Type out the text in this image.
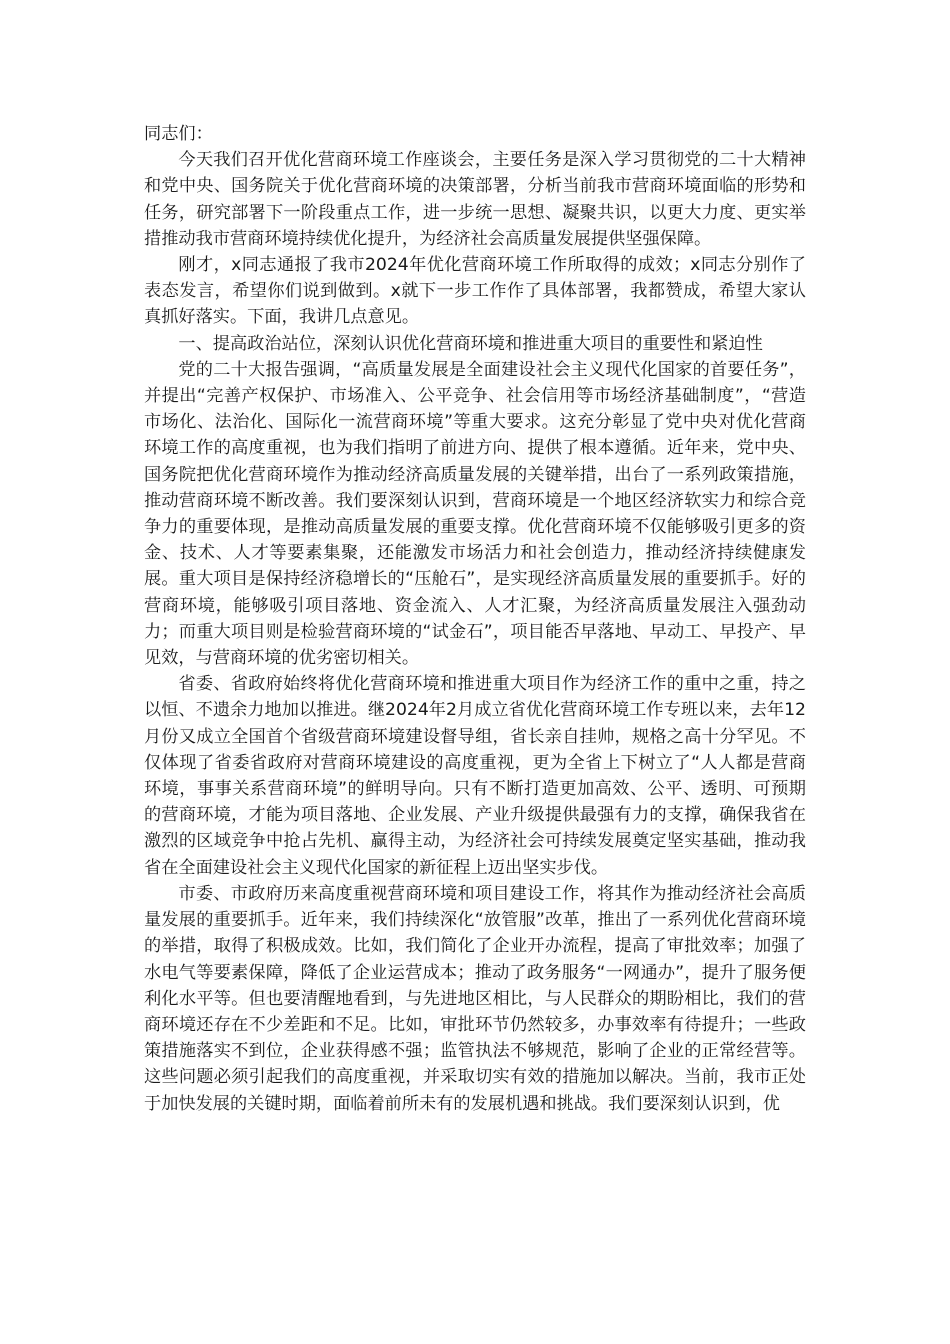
同志们：

今天我们召开优化营商环境工作座谈会，主要任务是深入学习贯彻党的二十大精神和党中央、国务院关于优化营商环境的决策部署，分析当前我市营商环境面临的形势和任务，研究部署下一阶段重点工作，进一步统一思想、凝聚共识，以更大力度、更实举措推动我市营商环境持续优化提升，为经济社会高质量发展提供坚强保障。

刚才，x同志通报了我市2024年优化营商环境工作所取得的成效；x同志分别作了表态发言，希望你们说到做到。x就下一步工作作了具体部署，我都赞成，希望大家认真抓好落实。下面，我讲几点意见。

一、提高政治站位，深刻认识优化营商环境和推进重大项目的重要性和紧迫性

党的二十大报告强调，“高质量发展是全面建设社会主义现代化国家的首要任务”，并提出“完善产权保护、市场准入、公平竞争、社会信用等市场经济基础制度”，“营造市场化、法治化、国际化一流营商环境”等重大要求。这充分彰显了党中央对优化营商环境工作的高度重视，也为我们指明了前进方向、提供了根本遵循。近年来，党中央、国务院把优化营商环境作为推动经济高质量发展的关键举措，出台了一系列政策措施，推动营商环境不断改善。我们要深刻认识到，营商环境是一个地区经济软实力和综合竞争力的重要体现，是推动高质量发展的重要支撑。优化营商环境不仅能够吸引更多的资金、技术、人才等要素集聚，还能激发市场活力和社会创造力，推动经济持续健康发展。重大项目是保持经济稳增长的“压舱石”，是实现经济高质量发展的重要抓手。好的营商环境，能够吸引项目落地、资金流入、人才汇聚，为经济高质量发展注入强劲动力；而重大项目则是检验营商环境的“试金石”，项目能否早落地、早动工、早投产、早见效，与营商环境的优劣密切相关。

省委、省政府始终将优化营商环境和推进重大项目作为经济工作的重中之重，持之以恒、不遗余力地加以推进。继2024年2月成立省优化营商环境工作专班以来，去年12月份又成立全国首个省级营商环境建设督导组，省长亲自挂帅，规格之高十分罕见。不仅体现了省委省政府对营商环境建设的高度重视，更为全省上下树立了“人人都是营商环境，事事关系营商环境”的鲜明导向。只有不断打造更加高效、公平、透明、可预期的营商环境，才能为项目落地、企业发展、产业升级提供最强有力的支撑，确保我省在激烈的区域竞争中抢占先机、赢得主动，为经济社会可持续发展奠定坚实基础，推动我省在全面建设社会主义现代化国家的新征程上迈出坚实步伐。

市委、市政府历来高度重视营商环境和项目建设工作，将其作为推动经济社会高质量发展的重要抓手。近年来，我们持续深化“放管服”改革，推出了一系列优化营商环境的举措，取得了积极成效。比如，我们简化了企业开办流程，提高了审批效率；加强了水电气等要素保障，降低了企业运营成本；推动了政务服务“一网通办”，提升了服务便利化水平等。但也要清醒地看到，与先进地区相比，与人民群众的期盼相比，我们的营商环境还存在不少差距和不足。比如，审批环节仍然较多，办事效率有待提升；一些政策措施落实不到位，企业获得感不强；监管执法不够规范，影响了企业的正常经营等。这些问题必须引起我们的高度重视，并采取切实有效的措施加以解决。当前，我市正处于加快发展的关键时期，面临着前所未有的发展机遇和挑战。我们要深刻认识到，优
